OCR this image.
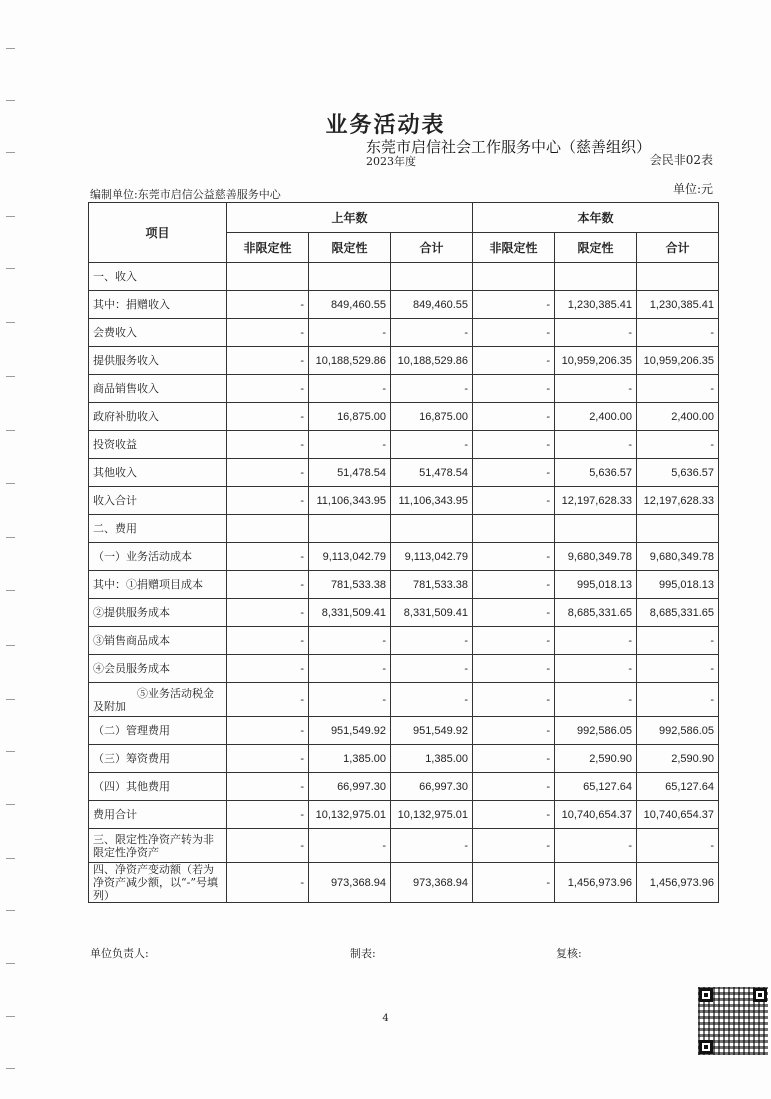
业务活动表
东莞市启信社会工作服务中心（慈善组织）
2023年度	会民非02表
编制单位:东莞市启信公益慈善服务中心	单位:元
项目	上年数			本年数		
	非限定性	限定性	合计	非限定性	限定性	合计
一、收入						
其中：捐赠收入	-	849,460.55	849,460.55	-	1,230,385.41	1,230,385.41
会费收入	-	-	-	-	-	-
提供服务收入	-	10,188,529.86	10,188,529.86	-	10,959,206.35	10,959,206.35
商品销售收入	-	-	-	-	-	-
政府补肋收入	-	16,875.00	16,875.00	-	2,400.00	2,400.00
投资收益	-	-	-	-	-	-
其他收入	-	51,478.54	51,478.54	-	5,636.57	5,636.57
收入合计	-	11,106,343.95	11,106,343.95	-	12,197,628.33	12,197,628.33
二、费用						
（一）业务活动成本	-	9,113,042.79	9,113,042.79	-	9,680,349.78	9,680,349.78
其中：①捐赠项目成本	-	781,533.38	781,533.38	-	995,018.13	995,018.13
②提供服务成本	-	8,331,509.41	8,331,509.41	-	8,685,331.65	8,685,331.65
③销售商品成本	-	-	-	-	-	-
④会员服务成本	-	-	-	-	-	-
⑤业务活动税金及附加	-	-	-	-	-	-
（二）管理费用	-	951,549.92	951,549.92	-	992,586.05	992,586.05
（三）筹资费用	-	1,385.00	1,385.00	-	2,590.90	2,590.90
（四）其他费用	-	66,997.30	66,997.30	-	65,127.64	65,127.64
费用合计	-	10,132,975.01	10,132,975.01	-	10,740,654.37	10,740,654.37
三、限定性净资产转为非限定性净资产	-	-	-	-	-	-
四、净资产变动额（若为净资产减少额，以“-”号填列）	-	973,368.94	973,368.94	-	1,456,973.96	1,456,973.96
单位负责人:	制表:	复核:
4
